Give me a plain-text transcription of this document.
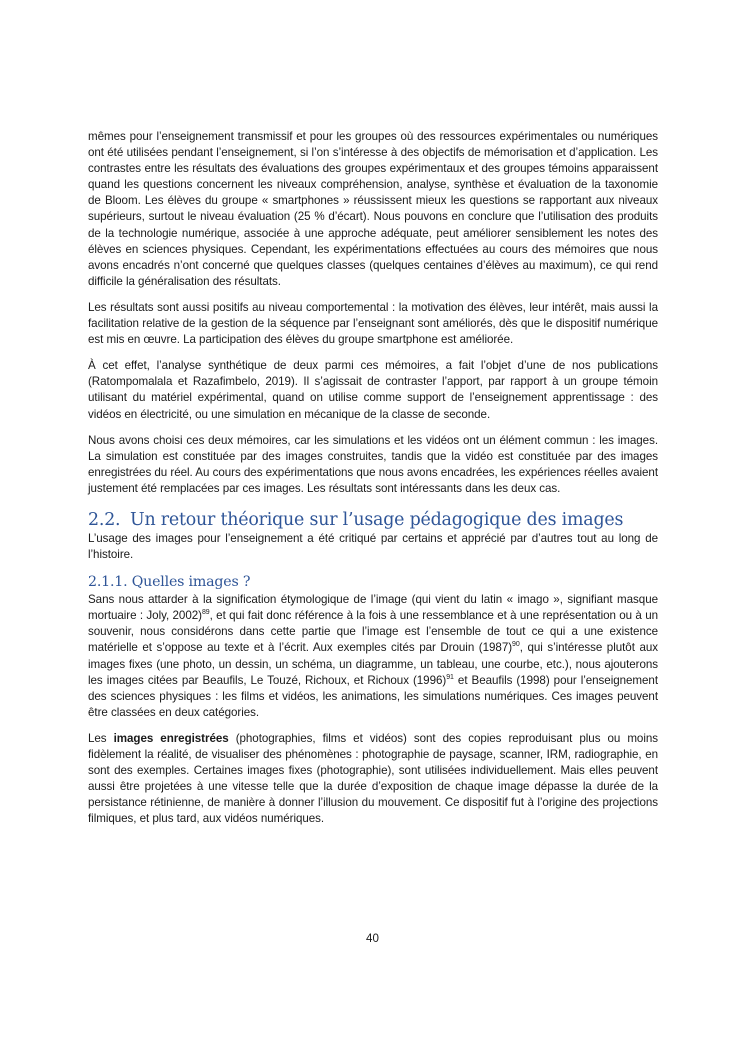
mêmes pour l’enseignement transmissif et pour les groupes où des ressources expérimentales ou numériques ont été utilisées pendant l’enseignement, si l’on s’intéresse à des objectifs de mémorisation et d’application. Les contrastes entre les résultats des évaluations des groupes expérimentaux et des groupes témoins apparaissent quand les questions concernent les niveaux compréhension, analyse, synthèse et évaluation de la taxonomie de Bloom. Les élèves du groupe « smartphones » réussissent mieux les questions se rapportant aux niveaux supérieurs, surtout le niveau évaluation (25 % d’écart). Nous pouvons en conclure que l’utilisation des produits de la technologie numérique, associée à une approche adéquate, peut améliorer sensiblement les notes des élèves en sciences physiques. Cependant, les expérimentations effectuées au cours des mémoires que nous avons encadrés n’ont concerné que quelques classes (quelques centaines d’élèves au maximum), ce qui rend difficile la généralisation des résultats.

Les résultats sont aussi positifs au niveau comportemental : la motivation des élèves, leur intérêt, mais aussi la facilitation relative de la gestion de la séquence par l’enseignant sont améliorés, dès que le dispositif numérique est mis en œuvre. La participation des élèves du groupe smartphone est améliorée.

À cet effet, l’analyse synthétique de deux parmi ces mémoires, a fait l’objet d’une de nos publications (Ratompomalala et Razafimbelo, 2019). Il s’agissait de contraster l’apport, par rapport à un groupe témoin utilisant du matériel expérimental, quand on utilise comme support de l’enseignement apprentissage : des vidéos en électricité, ou une simulation en mécanique de la classe de seconde.

Nous avons choisi ces deux mémoires, car les simulations et les vidéos ont un élément commun : les images. La simulation est constituée par des images construites, tandis que la vidéo est constituée par des images enregistrées du réel. Au cours des expérimentations que nous avons encadrées, les expériences réelles avaient justement été remplacées par ces images. Les résultats sont intéressants dans les deux cas.

2.2. Un retour théorique sur l’usage pédagogique des images

L’usage des images pour l’enseignement a été critiqué par certains et apprécié par d’autres tout au long de l’histoire.

2.1.1. Quelles images ?

Sans nous attarder à la signification étymologique de l’image (qui vient du latin « imago », signifiant masque mortuaire : Joly, 2002)$^{89}$, et qui fait donc référence à la fois à une ressemblance et à une représentation ou à un souvenir, nous considérons dans cette partie que l’image est l’ensemble de tout ce qui a une existence matérielle et s’oppose au texte et à l’écrit. Aux exemples cités par Drouin $(1987)^{90}$, qui s’intéresse plutôt aux images fixes (une photo, un dessin, un schéma, un diagramme, un tableau, une courbe, etc.), nous ajouterons les images citées par Beaufils, Le Touzé, Richoux, et Richoux $(1996)^{91}$ et Beaufils (1998) pour l’enseignement des sciences physiques : les films et vidéos, les animations, les simulations numériques. Ces images peuvent être classées en deux catégories.

Les images enregistrées (photographies, films et vidéos) sont des copies reproduisant plus ou moins fidèlement la réalité, de visualiser des phénomènes : photographie de paysage, scanner, IRM, radiographie, en sont des exemples. Certaines images fixes (photographie), sont utilisées individuellement. Mais elles peuvent aussi être projetées à une vitesse telle que la durée d’exposition de chaque image dépasse la durée de la persistance rétinienne, de manière à donner l’illusion du mouvement. Ce dispositif fut à l’origine des projections filmiques, et plus tard, aux vidéos numériques.

40
